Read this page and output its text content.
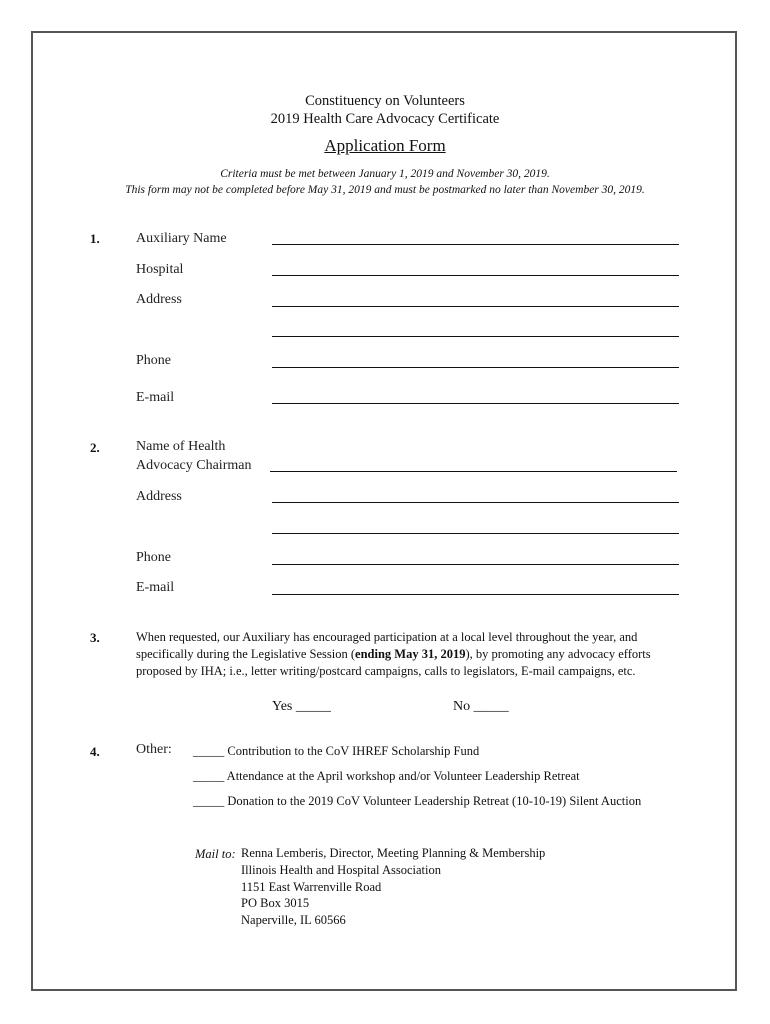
Constituency on Volunteers
2019 Health Care Advocacy Certificate
Application Form
Criteria must be met between January 1, 2019 and November 30, 2019.
This form may not be completed before May 31, 2019 and must be postmarked no later than November 30, 2019.
1.	Auxiliary Name
Hospital
Address
Phone
E-mail
2.	Name of Health
Advocacy Chairman
Address
Phone
E-mail
3.	When requested, our Auxiliary has encouraged participation at a local level throughout the year, and specifically during the Legislative Session (ending May 31, 2019), by promoting any advocacy efforts proposed by IHA; i.e., letter writing/postcard campaigns, calls to legislators, E-mail campaigns, etc.
Yes _____	No _____
4.	Other: _____ Contribution to the CoV IHREF Scholarship Fund
_____ Attendance at the April workshop and/or Volunteer Leadership Retreat
_____ Donation to the 2019 CoV Volunteer Leadership Retreat (10-10-19) Silent Auction
Mail to: Renna Lemberis, Director, Meeting Planning & Membership
Illinois Health and Hospital Association
1151 East Warrenville Road
PO Box 3015
Naperville, IL 60566
